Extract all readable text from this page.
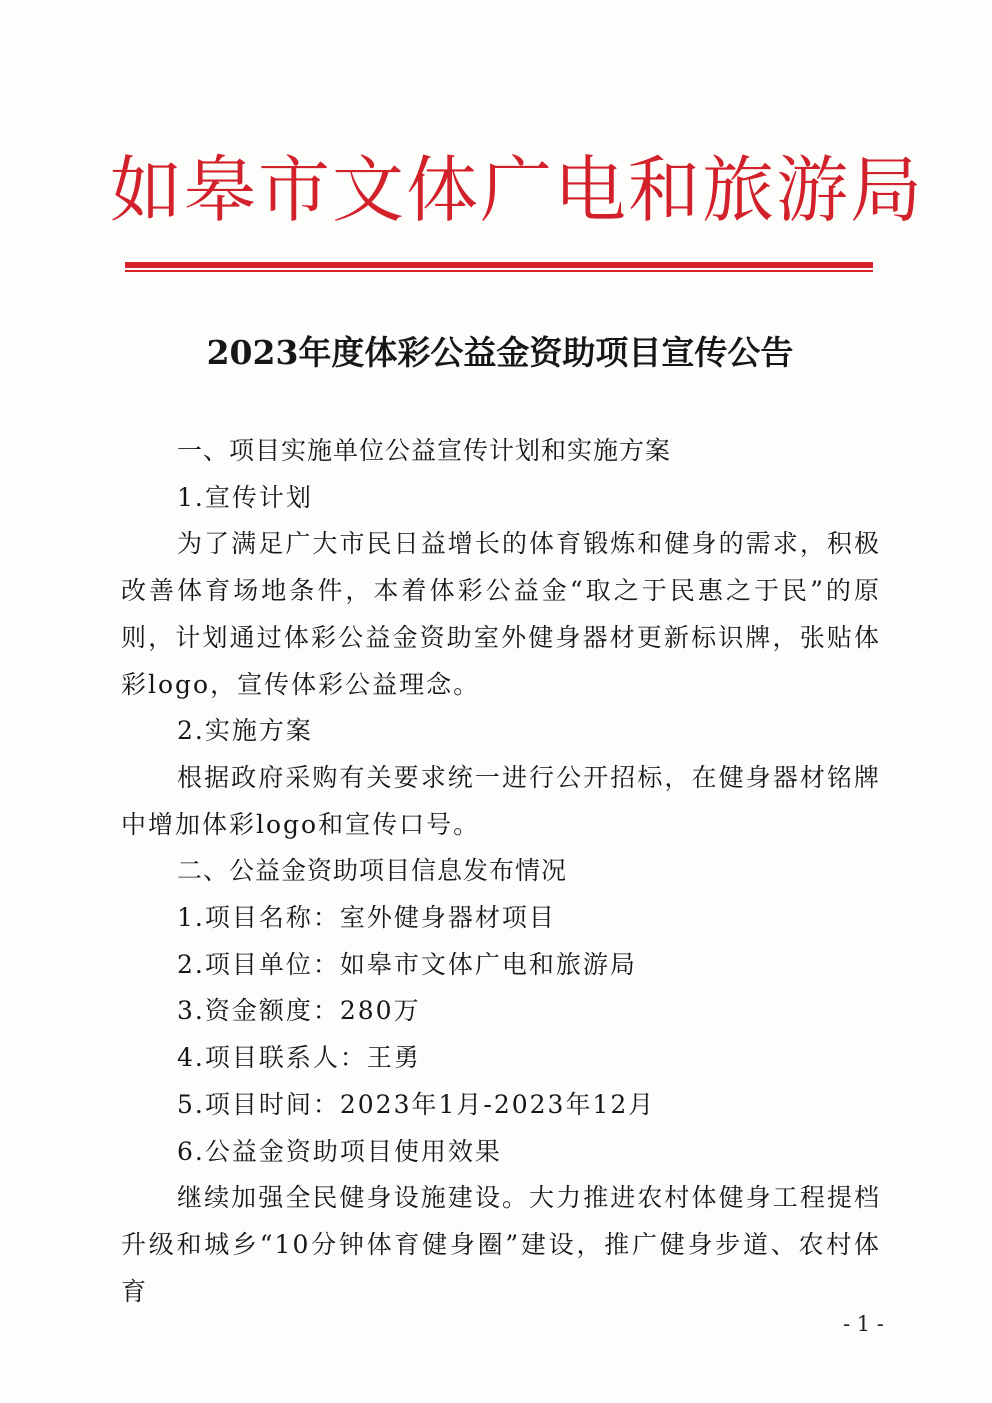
如皋市文体广电和旅游局
2023年度体彩公益金资助项目宣传公告

一、项目实施单位公益宣传计划和实施方案

1.宣传计划

为了满足广大市民日益增长的体育锻炼和健身的需求，积极改善体育场地条件，本着体彩公益金“取之于民惠之于民”的原则，计划通过体彩公益金资助室外健身器材更新标识牌，张贴体彩logo，宣传体彩公益理念。

2.实施方案

根据政府采购有关要求统一进行公开招标，在健身器材铭牌中增加体彩logo和宣传口号。

二、公益金资助项目信息发布情况

1.项目名称：室外健身器材项目

2.项目单位：如皋市文体广电和旅游局

3.资金额度：280万

4.项目联系人：王勇

5.项目时间：2023年1月-2023年12月

6.公益金资助项目使用效果

继续加强全民健身设施建设。大力推进农村体健身工程提档升级和城乡“10分钟体育健身圈”建设，推广健身步道、农村体育

- 1 -
